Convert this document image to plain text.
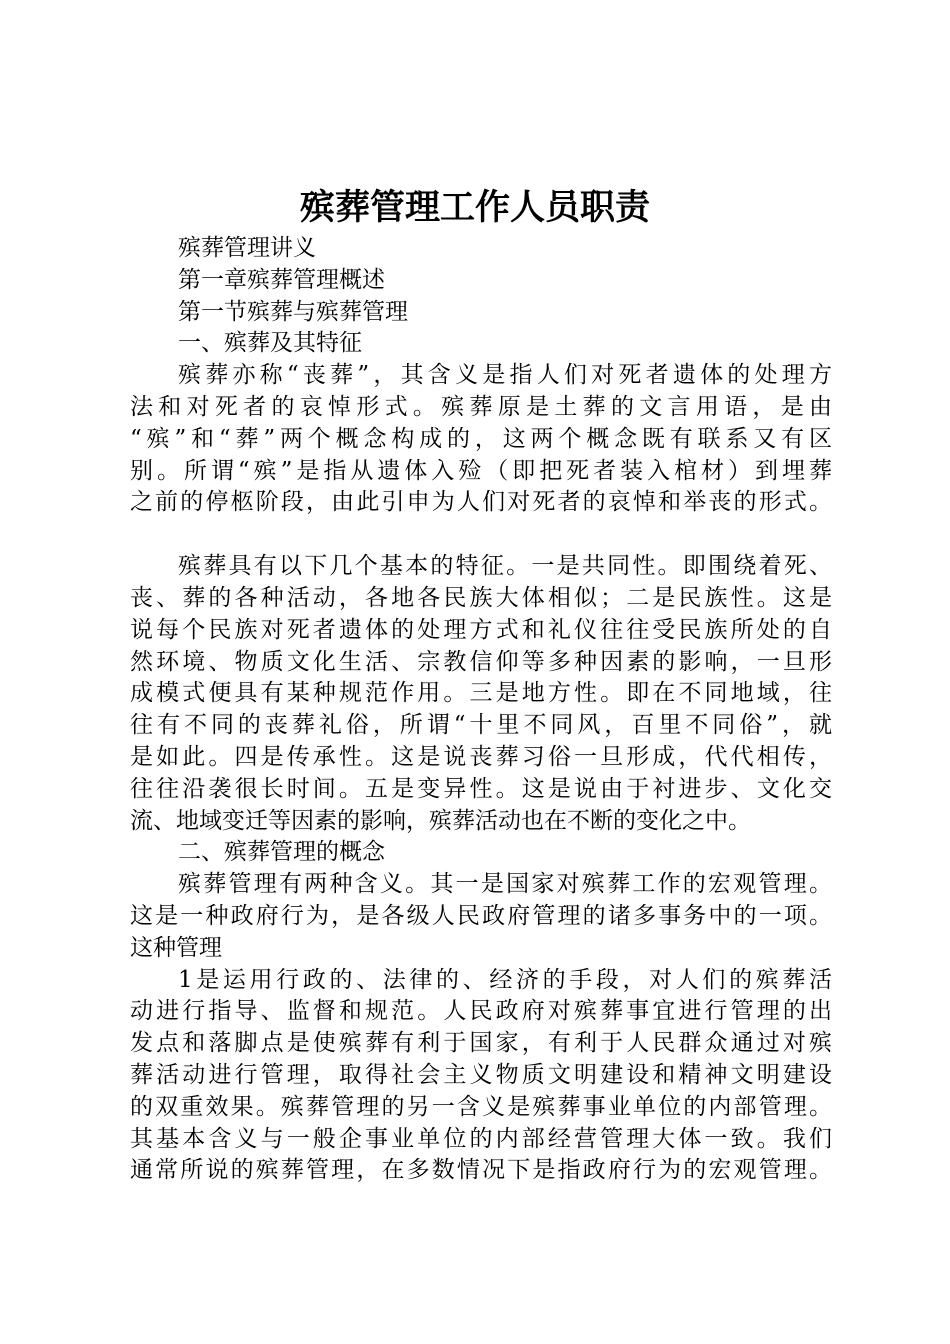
殡葬管理工作人员职责
殡葬管理讲义
第一章殡葬管理概述
第一节殡葬与殡葬管理
一、殡葬及其特征
殡葬亦称“丧葬”，其含义是指人们对死者遗体的处理方
法和对死者的哀悼形式。殡葬原是土葬的文言用语，是由
“殡”和“葬”两个概念构成的，这两个概念既有联系又有区
别。所谓“殡”是指从遗体入殓（即把死者装入棺材）到埋葬
之前的停柩阶段，由此引申为人们对死者的哀悼和举丧的形式。
殡葬具有以下几个基本的特征。一是共同性。即围绕着死、
丧、葬的各种活动，各地各民族大体相似；二是民族性。这是
说每个民族对死者遗体的处理方式和礼仪往往受民族所处的自
然环境、物质文化生活、宗教信仰等多种因素的影响，一旦形
成模式便具有某种规范作用。三是地方性。即在不同地域，往
往有不同的丧葬礼俗，所谓“十里不同风，百里不同俗”，就
是如此。四是传承性。这是说丧葬习俗一旦形成，代代相传，
往往沿袭很长时间。五是变异性。这是说由于衬进步、文化交
流、地域变迁等因素的影响，殡葬活动也在不断的变化之中。
二、殡葬管理的概念
殡葬管理有两种含义。其一是国家对殡葬工作的宏观管理。
这是一种政府行为，是各级人民政府管理的诸多事务中的一项。
这种管理
1是运用行政的、法律的、经济的手段，对人们的殡葬活
动进行指导、监督和规范。人民政府对殡葬事宜进行管理的出
发点和落脚点是使殡葬有利于国家，有利于人民群众通过对殡
葬活动进行管理，取得社会主义物质文明建设和精神文明建设
的双重效果。殡葬管理的另一含义是殡葬事业单位的内部管理。
其基本含义与一般企事业单位的内部经营管理大体一致。我们
通常所说的殡葬管理，在多数情况下是指政府行为的宏观管理。
